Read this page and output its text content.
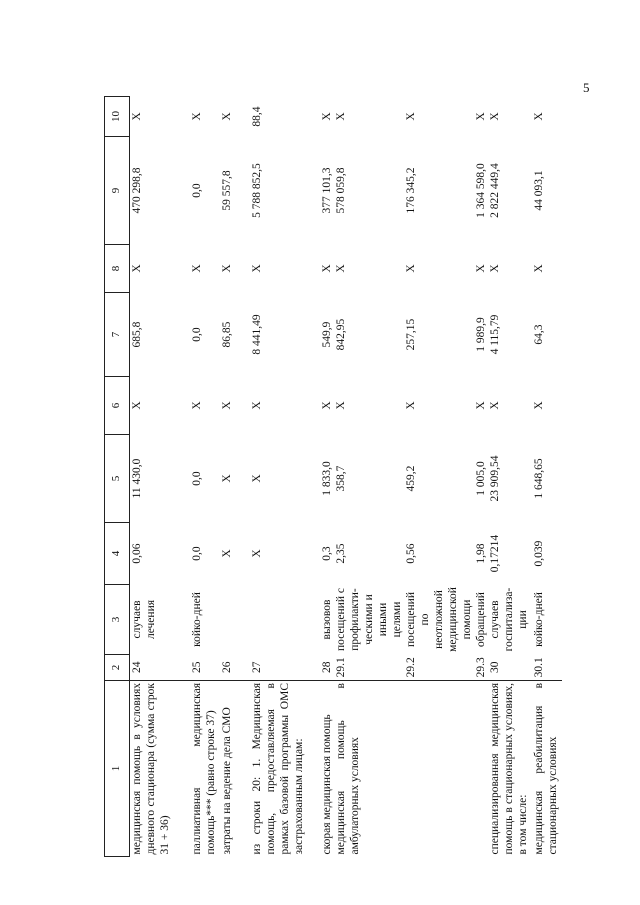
5
1	2	3	4	5	6	7	8	9	10
медицинская помощь в условиях дневного стационара (сумма строк 31 + 36)	24	случаев лечения	0,06	11 430,0	X	685,8	X	470 298,8	X
паллиативная медицинская помощь*** (равно строке 37)	25	койко-дней	0,0	0,0	X	0,0	X	0,0	X
затраты на ведение дела СМО	26		X	X	X	86,85	X	59 557,8	X
из строки 20: 1. Медицинская помощь, предоставляемая в рамках базовой программы ОМС застрахованным лицам:	27		X	X	X	8 441,49	X	5 788 852,5	88,4
скорая медицинская помощь	28	вызовов	0,3	1 833,0	X	549,9	X	377 101,3	X
медицинская помощь в амбулаторных условиях	29.1	посещений с профилакти-ческими и иными целями	2,35	358,7	X	842,95	X	578 059,8	X
	29.2	посещений по неотложной медицинской помощи	0,56	459,2	X	257,15	X	176 345,2	X
	29.3	обращений	1,98	1 005,0	X	1 989,9	X	1 364 598,0	X
специализированная медицинская помощь в стационарных условиях, в том числе:	30	случаев госпитализа-ции	0,17214	23 909,54	X	4 115,79	X	2 822 449,4	X
медицинская реабилитация в стационарных условиях	30.1	койко-дней	0,039	1 648,65	X	64,3	X	44 093,1	X
